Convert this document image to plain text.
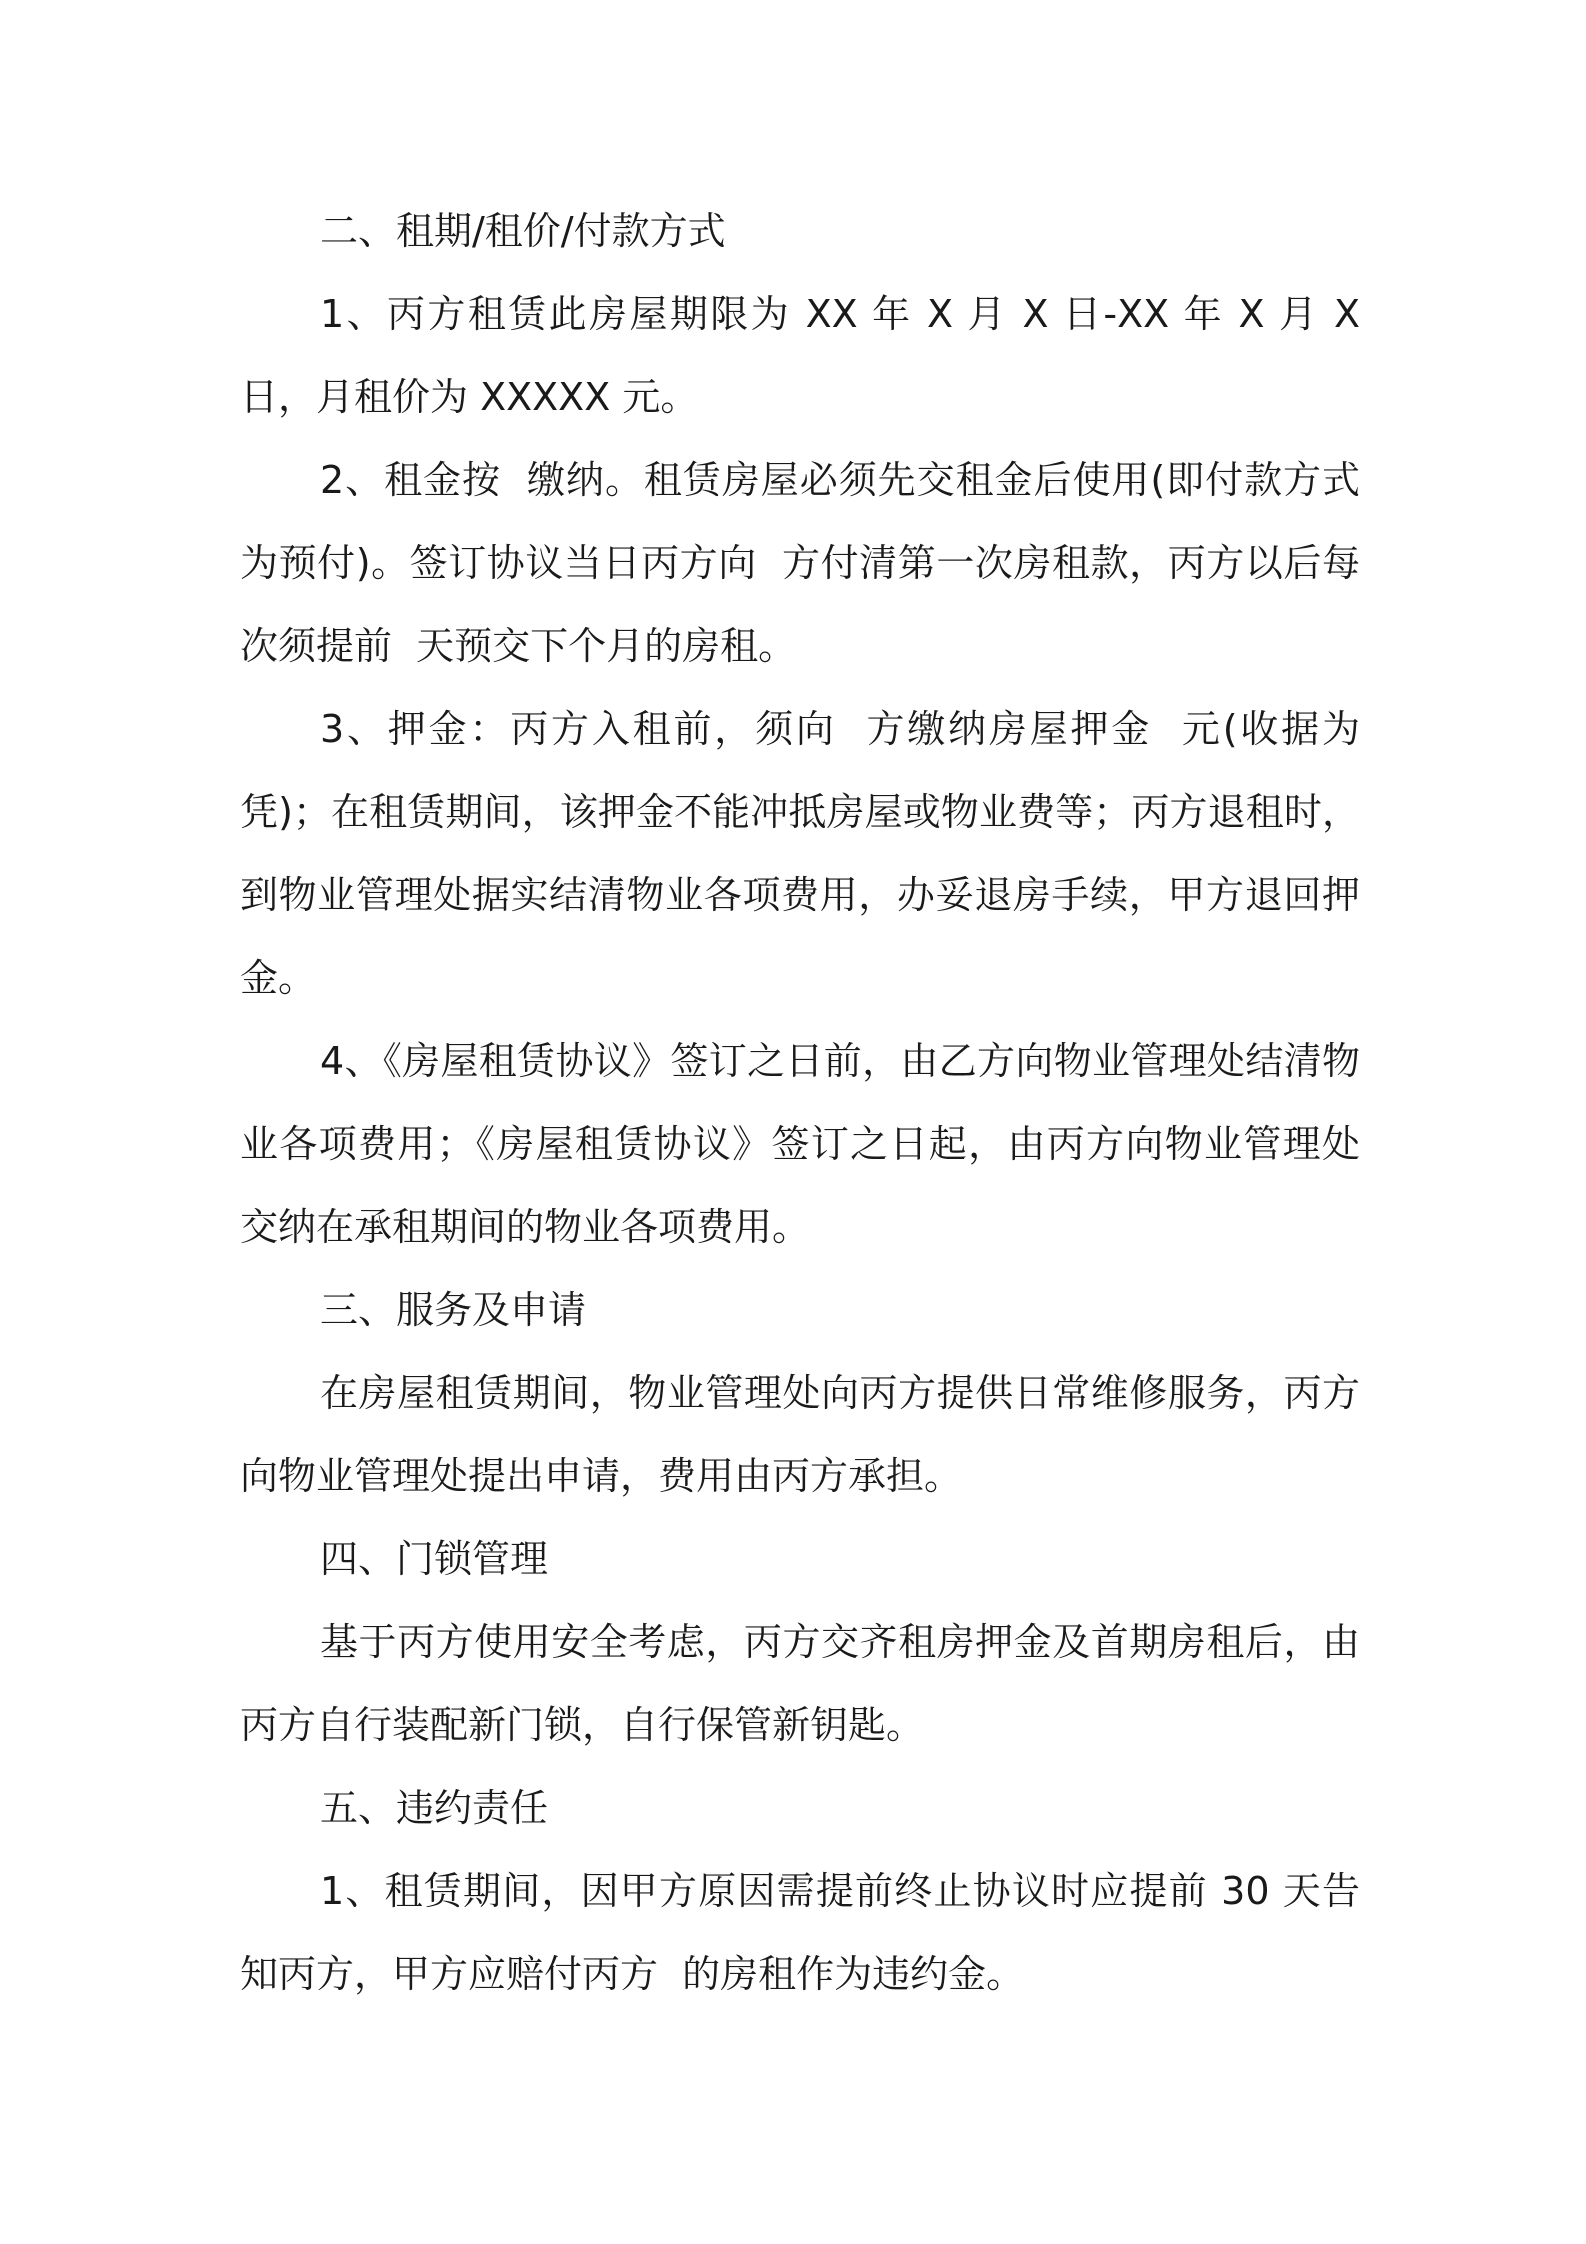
二、租期/租价/付款方式

1、丙方租赁此房屋期限为 XX 年 X 月 X 日-XX 年 X 月 X 日，月租价为 XXXXX 元。

2、租金按  缴纳。租赁房屋必须先交租金后使用(即付款方式为预付)。签订协议当日丙方向  方付清第一次房租款，丙方以后每次须提前  天预交下个月的房租。

3、押金：丙方入租前，须向  方缴纳房屋押金  元(收据为凭)；在租赁期间，该押金不能冲抵房屋或物业费等；丙方退租时，到物业管理处据实结清物业各项费用，办妥退房手续，甲方退回押金。

4、《房屋租赁协议》签订之日前，由乙方向物业管理处结清物业各项费用；《房屋租赁协议》签订之日起，由丙方向物业管理处交纳在承租期间的物业各项费用。

三、服务及申请

在房屋租赁期间，物业管理处向丙方提供日常维修服务，丙方向物业管理处提出申请，费用由丙方承担。

四、门锁管理

基于丙方使用安全考虑，丙方交齐租房押金及首期房租后，由丙方自行装配新门锁，自行保管新钥匙。

五、违约责任

1、租赁期间，因甲方原因需提前终止协议时应提前 30 天告知丙方，甲方应赔付丙方  的房租作为违约金。
